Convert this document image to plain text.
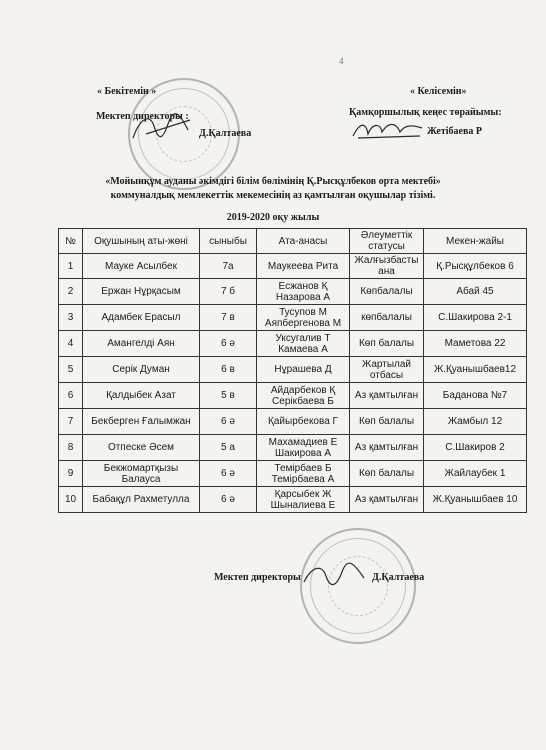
4
« Бекітемін »
Мектеп директоры :
Д.Қалтаева
« Келісемін»
Қамқоршылық кеңес төрайымы:
Жетібаева Р
«Мойынқұм ауданы әкімдігі білім бөлімінің Қ.Рысқұлбеков орта мектебі»
коммуналдық мемлекеттік мекемесінің аз қамтылған оқушылар тізімі.
2019-2020 оқу жылы
№	Оқушының аты-жөні	сыныбы	Ата-анасы	Әлеуметтік статусы	Мекен-жайы
1	Мауке Асылбек	7а	Маукеева Рита	Жалғызбасты ана	Қ.Рысқұлбеков 6
2	Ержан Нұрқасым	7 б	Есжанов Қ Назарова А	Көпбалалы	Абай 45
3	Адамбек Ерасыл	7 в	Тусупов М Аяпбергенова М	көпбалалы	С.Шакирова 2-1
4	Амангелді Аян	6 ә	Уксугалив Т Камаева А	Көп балалы	Маметова 22
5	Серік Думан	6 в	Нұрашева Д	Жартылай отбасы	Ж.Қуанышбаев12
6	Қалдыбек Азат	5 в	Айдарбеков Қ Серікбаева Б	Аз қамтылған	Баданова №7
7	Бекберген Ғалымжан	6 ә	Қайырбекова Г	Көп балалы	Жамбыл 12
8	Отпеске Әсем	5 а	Махамадиев Е Шакирова А	Аз қамтылған	С.Шакиров 2
9	Бекжомартқызы Балауса	6 ә	Темірбаев Б Темірбаева А	Көп балалы	Жайлаубек 1
10	Бабақұл Рахметулла	6 ә	Қарсыбек Ж Шыналиева Е	Аз қамтылған	Ж.Қуанышбаев 10
Мектеп директоры	Д.Қалтаева
